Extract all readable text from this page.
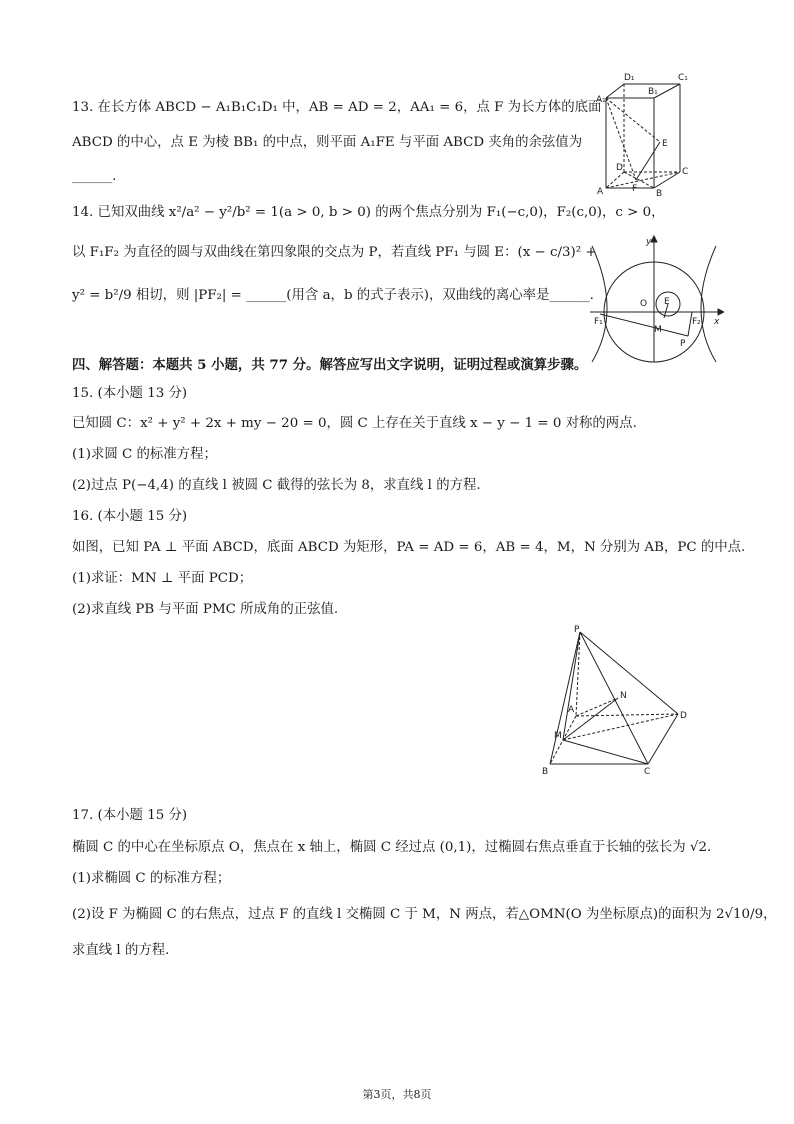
13. 在长方体 ABCD − A₁B₁C₁D₁ 中，AB = AD = 2，AA₁ = 6，点 F 为长方体的底面
ABCD 的中心，点 E 为棱 BB₁ 的中点，则平面 A₁FE 与平面 ABCD 夹角的余弦值为
______.
D₁	C₁
A₁
B₁
E
D
F
C
A	B
14. 已知双曲线 x²/a² − y²/b² = 1(a > 0, b > 0) 的两个焦点分别为 F₁(−c,0)，F₂(c,0)，c > 0，
以 F₁F₂ 为直径的圆与双曲线在第四象限的交点为 P，若直线 PF₁ 与圆 E：(x − c/3)² +
y² = b²/9 相切，则 |PF₂| = ______(用含 a，b 的式子表示)，双曲线的离心率是______.
y
x
O E
M
F₁	F₂
P
四、解答题：本题共 5 小题，共 77 分。解答应写出文字说明，证明过程或演算步骤。
15. (本小题 13 分)
已知圆 C：x² + y² + 2x + my − 20 = 0，圆 C 上存在关于直线 x − y − 1 = 0 对称的两点.
(1)求圆 C 的标准方程；
(2)过点 P(−4,4) 的直线 l 被圆 C 截得的弦长为 8，求直线 l 的方程.
16. (本小题 15 分)
如图，已知 PA ⊥ 平面 ABCD，底面 ABCD 为矩形，PA = AD = 6，AB = 4，M，N 分别为 AB，PC 的中点.
(1)求证：MN ⊥ 平面 PCD；
(2)求直线 PB 与平面 PMC 所成角的正弦值.
P
N
A
D
M
B	C
17. (本小题 15 分)
椭圆 C 的中心在坐标原点 O，焦点在 x 轴上，椭圆 C 经过点 (0,1)，过椭圆右焦点垂直于长轴的弦长为 √2.
(1)求椭圆 C 的标准方程；
(2)设 F 为椭圆 C 的右焦点，过点 F 的直线 l 交椭圆 C 于 M，N 两点，若△OMN(O 为坐标原点)的面积为 2√10/9，
求直线 l 的方程.
第3页，共8页
